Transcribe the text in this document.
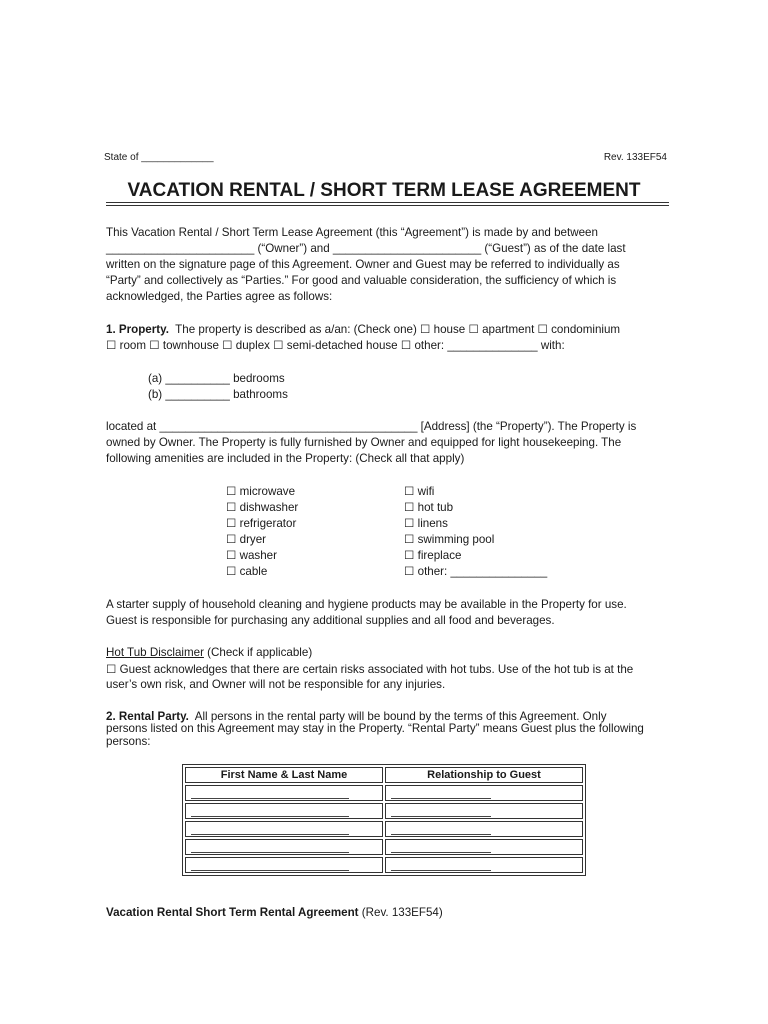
State of _____________	Rev. 133EF54
VACATION RENTAL / SHORT TERM LEASE AGREEMENT
This Vacation Rental / Short Term Lease Agreement (this “Agreement”) is made by and between
_______________________ (“Owner”) and _______________________ (“Guest”) as of the date last
written on the signature page of this Agreement. Owner and Guest may be referred to individually as
“Party” and collectively as “Parties.” For good and valuable consideration, the sufficiency of which is
acknowledged, the Parties agree as follows:
1. Property. The property is described as a/an: (Check one) ☐ house ☐ apartment ☐ condominium
☐ room ☐ townhouse ☐ duplex ☐ semi-detached house ☐ other: ______________ with:
(a) __________ bedrooms
(b) __________ bathrooms
located at ________________________________________ [Address] (the “Property”). The Property is
owned by Owner. The Property is fully furnished by Owner and equipped for light housekeeping. The
following amenities are included in the Property: (Check all that apply)
☐ microwave
☐ dishwasher
☐ refrigerator
☐ dryer
☐ washer
☐ cable
☐ wifi
☐ hot tub
☐ linens
☐ swimming pool
☐ fireplace
☐ other: _______________
A starter supply of household cleaning and hygiene products may be available in the Property for use.
Guest is responsible for purchasing any additional supplies and all food and beverages.
Hot Tub Disclaimer (Check if applicable)
☐ Guest acknowledges that there are certain risks associated with hot tubs. Use of the hot tub is at the
user’s own risk, and Owner will not be responsible for any injuries.
2. Rental Party. All persons in the rental party will be bound by the terms of this Agreement. Only
persons listed on this Agreement may stay in the Property. “Rental Party” means Guest plus the following
persons:
First Name & Last Name	Relationship to Guest

Vacation Rental Short Term Rental Agreement (Rev. 133EF54)
